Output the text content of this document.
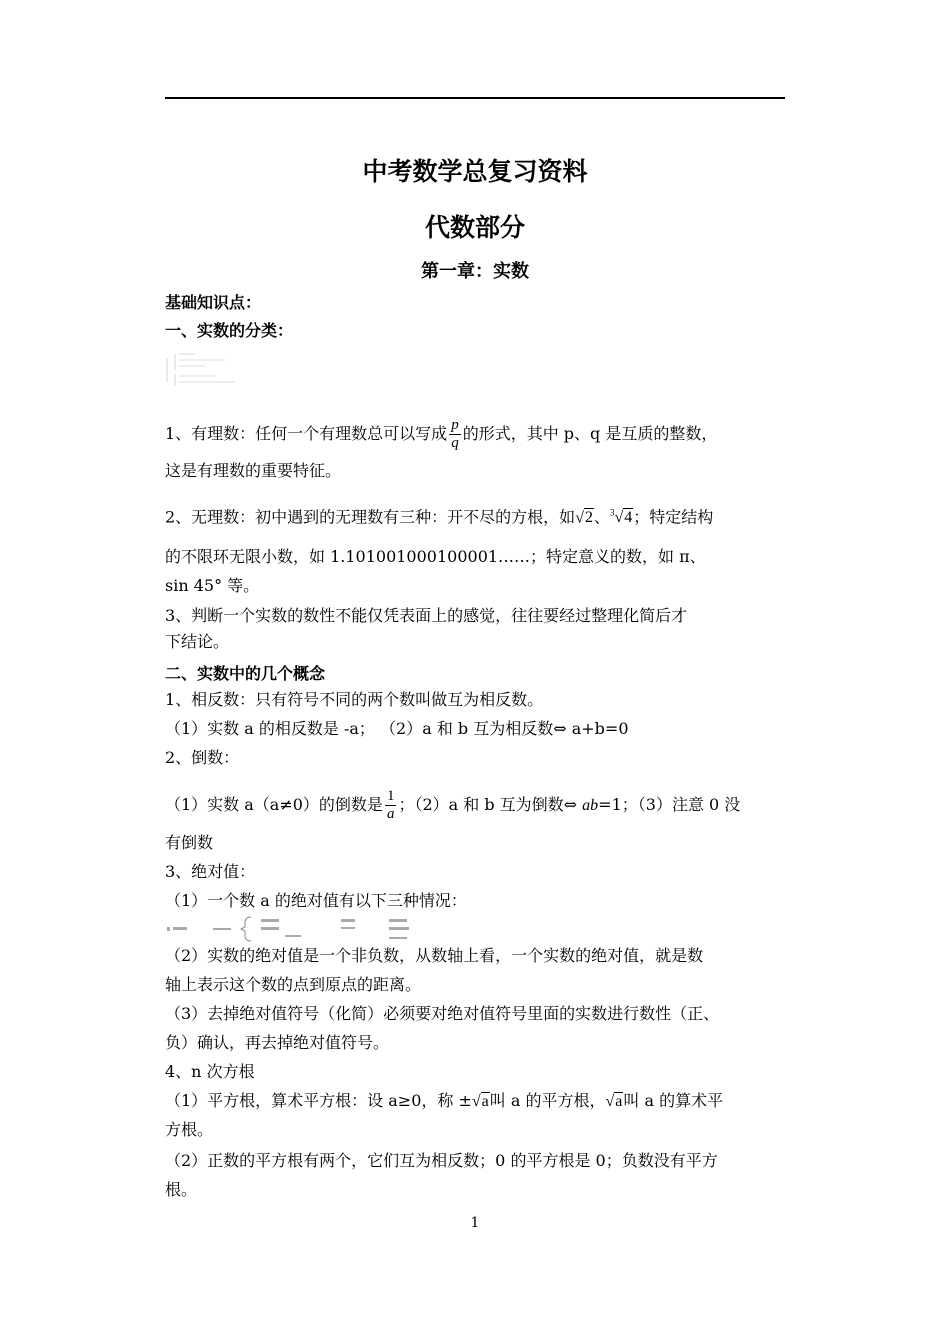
中考数学总复习资料
代数部分
第一章：实数
基础知识点：
一、实数的分类：
1、有理数：任何一个有理数总可以写成 $\frac{p}{q}$ 的形式，其中 p、q 是互质的整数，
这是有理数的重要特征。
2、无理数：初中遇到的无理数有三种：开不尽的方根，如√2、$^3$√4；特定结构
的不限环无限小数，如 1.101001000100001……；特定意义的数，如 π、
sin 45° 等。
3、判断一个实数的数性不能仅凭表面上的感觉，往往要经过整理化简后才
下结论。
二、实数中的几个概念
1、相反数：只有符号不同的两个数叫做互为相反数。
（1）实数 a 的相反数是 -a； （2）a 和 b 互为相反数⇔ a+b=0
2、倒数：
（1）实数 a（a≠0）的倒数是 $\frac{1}{a}$ ；（2）a 和 b 互为倒数⇔ ab=1；（3）注意 0 没
有倒数
3、绝对值：
（1）一个数 a 的绝对值有以下三种情况：
（2）实数的绝对值是一个非负数，从数轴上看，一个实数的绝对值，就是数
轴上表示这个数的点到原点的距离。
（3）去掉绝对值符号（化简）必须要对绝对值符号里面的实数进行数性（正、
负）确认，再去掉绝对值符号。
4、n 次方根
（1）平方根，算术平方根：设 a≥0，称 ±√a叫 a 的平方根，√a叫 a 的算术平
方根。
（2）正数的平方根有两个，它们互为相反数；0 的平方根是 0；负数没有平方
根。
1
